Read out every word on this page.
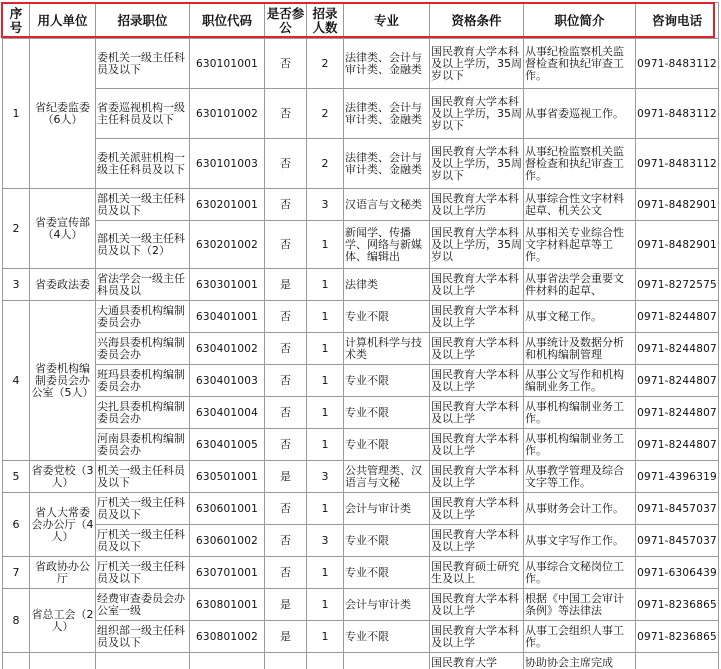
序号	用人单位	招录职位	职位代码	是否参公	招录人数	专业	资格条件	职位简介	咨询电话
1	省纪委监委（6人）	委机关一级主任科员及以下	630101001	否	2	法律类、会计与审计类、金融类	国民教育大学本科及以上学历，35周岁以下	从事纪检监察机关监督检查和执纪审查工作。	0971-8483112

		省委巡视机构一级主任科员及以下	630101002	否	2	法律类、会计与审计类、金融类	国民教育大学本科及以上学历，35周岁以下	从事省委巡视工作。	0971-8483112

		委机关派驻机构一级主任科员及以下	630101003	否	2	法律类、会计与审计类、金融类	国民教育大学本科及以上学历，35周岁以下	从事纪检监察机关监督检查和执纪审查工作。	0971-8483112

2	省委宣传部（4人）	部机关一级主任科员及以下	630201001	否	3	汉语言与文秘类	国民教育大学本科及以上学历	从事综合性文字材料起草、机关公文	0971-8482901

		部机关一级主任科员及以下（2）	630201002	否	1	新闻学、传播学、网络与新媒体、编辑出	国民教育大学本科及以上学历，35周岁以	从事相关专业综合性文字材料起草等工作。	0971-8482901

3	省委政法委	省法学会一级主任科员及以	630301001	是	1	法律类	国民教育大学本科及以上学	从事省法学会重要文件材料的起草、	0971-8272575

4	省委机构编制委员会办公室（5人）	大通县委机构编制委员会办	630401001	否	1	专业不限	国民教育大学本科及以上学	从事文秘工作。	0971-8244807

		兴海县委机构编制委员会办	630401002	否	1	计算机科学与技术类	国民教育大学本科及以上学	从事统计及数据分析和机构编制管理	0971-8244807

		班玛县委机构编制委员会办	630401003	否	1	专业不限	国民教育大学本科及以上学	从事公文写作和机构编制业务工作。	0971-8244807

		尖扎县委机构编制委员会办	630401004	否	1	专业不限	国民教育大学本科及以上学	从事机构编制业务工作。	0971-8244807

		河南县委机构编制委员会办	630401005	否	1	专业不限	国民教育大学本科及以上学	从事机构编制业务工作。	0971-8244807

5	省委党校（3人）	机关一级主任科员及以下	630501001	是	3	公共管理类、汉语言与文秘	国民教育大学本科及以上学	从事教学管理及综合文字等工作。	0971-4396319

6	省人大常委会办公厅（4人）	厅机关一级主任科员及以下	630601001	否	1	会计与审计类	国民教育大学本科及以上学	从事财务会计工作。	0971-8457037

		厅机关一级主任科员及以下	630601002	否	3	专业不限	国民教育大学本科及以上学	从事文字写作工作。	0971-8457037

7	省政协办公厅	厅机关一级主任科员及以下	630701001	否	1	专业不限	国民教育硕士研究生及以上	从事综合文秘岗位工作。	0971-6306439

8	省总工会（2人）	经费审查委员会办公室一级	630801001	是	1	会计与审计类	国民教育大学本科及以上学	根据《中国工会审计条例》等法律法	0971-8236865

		组织部一级主任科员及以下	630801002	是	1	专业不限	国民教育大学本科及以上学	从事工会组织人事工作。	0971-8236865

							国民教育大学	协助协会主席完成	
